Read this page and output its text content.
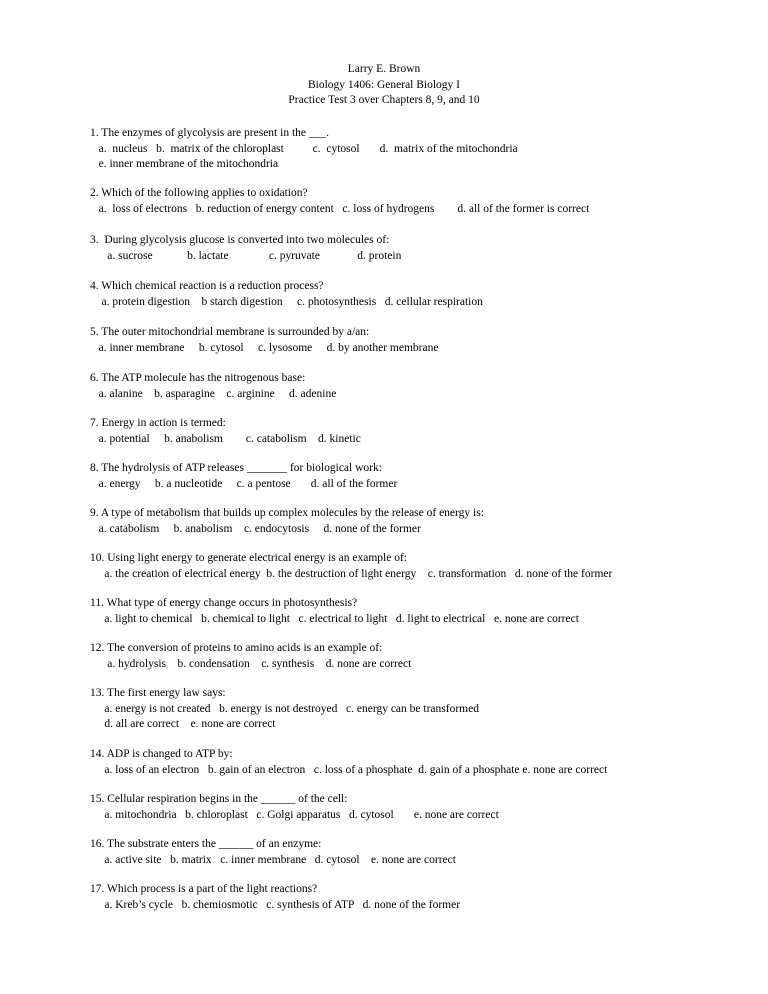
Larry E. Brown
Biology 1406: General Biology I
Practice Test 3 over Chapters 8, 9, and 10
1. The enzymes of glycolysis are present in the ___.
a.  nucleus   b.  matrix of the chloroplast          c.  cytosol       d.  matrix of the mitochondria
e. inner membrane of the mitochondria
2. Which of the following applies to oxidation?
a.  loss of electrons   b. reduction of energy content   c. loss of hydrogens        d. all of the former is correct
3.  During glycolysis glucose is converted into two molecules of:
a. sucrose            b. lactate              c. pyruvate             d. protein
4. Which chemical reaction is a reduction process?
a. protein digestion    b starch digestion     c. photosynthesis   d. cellular respiration
5. The outer mitochondrial membrane is surrounded by a/an:
a. inner membrane     b. cytosol     c. lysosome     d. by another membrane
6. The ATP molecule has the nitrogenous base:
a. alanine    b. asparagine    c. arginine     d. adenine
7. Energy in action is termed:
a. potential     b. anabolism        c. catabolism    d. kinetic
8. The hydrolysis of ATP releases _______ for biological work:
a. energy     b. a nucleotide     c. a pentose       d. all of the former
9. A type of metabolism that builds up complex molecules by the release of energy is:
a. catabolism     b. anabolism    c. endocytosis     d. none of the former
10. Using light energy to generate electrical energy is an example of:
a. the creation of electrical energy  b. the destruction of light energy    c. transformation   d. none of the former
11. What type of energy change occurs in photosynthesis?
a. light to chemical   b. chemical to light   c. electrical to light   d. light to electrical   e. none are correct
12. The conversion of proteins to amino acids is an example of:
a. hydrolysis    b. condensation    c. synthesis    d. none are correct
13. The first energy law says:
a. energy is not created   b. energy is not destroyed   c. energy can be transformed
d. all are correct    e. none are correct
14. ADP is changed to ATP by:
a. loss of an electron   b. gain of an electron   c. loss of a phosphate  d. gain of a phosphate e. none are correct
15. Cellular respiration begins in the ______ of the cell:
a. mitochondria   b. chloroplast   c. Golgi apparatus   d. cytosol       e. none are correct
16. The substrate enters the ______ of an enzyme:
a. active site   b. matrix   c. inner membrane   d. cytosol    e. none are correct
17. Which process is a part of the light reactions?
a. Kreb’s cycle   b. chemiosmotic   c. synthesis of ATP   d. none of the former
